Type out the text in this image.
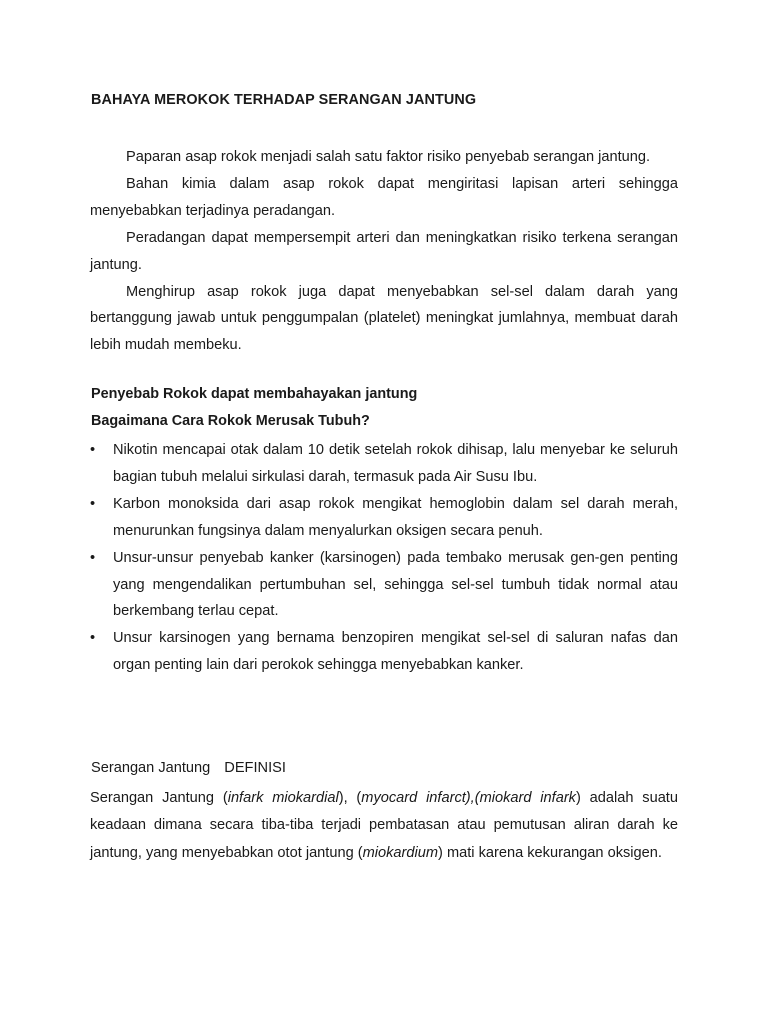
BAHAYA MEROKOK TERHADAP SERANGAN JANTUNG

Paparan asap rokok menjadi salah satu faktor risiko penyebab serangan jantung.

Bahan kimia dalam asap rokok dapat mengiritasi lapisan arteri sehingga menyebabkan terjadinya peradangan.

Peradangan dapat mempersempit arteri dan meningkatkan risiko terkena serangan jantung.

Menghirup asap rokok juga dapat menyebabkan sel-sel dalam darah yang bertanggung jawab untuk penggumpalan (platelet) meningkat jumlahnya, membuat darah lebih mudah membeku.

Penyebab Rokok dapat membahayakan jantung
Bagaimana Cara Rokok Merusak Tubuh?
• Nikotin mencapai otak dalam 10 detik setelah rokok dihisap, lalu menyebar ke seluruh bagian tubuh melalui sirkulasi darah, termasuk pada Air Susu Ibu.
• Karbon monoksida dari asap rokok mengikat hemoglobin dalam sel darah merah, menurunkan fungsinya dalam menyalurkan oksigen secara penuh.
• Unsur-unsur penyebab kanker (karsinogen) pada tembako merusak gen-gen penting yang mengendalikan pertumbuhan sel, sehingga sel-sel tumbuh tidak normal atau berkembang terlau cepat.
• Unsur karsinogen yang bernama benzopiren mengikat sel-sel di saluran nafas dan organ penting lain dari perokok sehingga menyebabkan kanker.
Serangan Jantung DEFINISI

Serangan Jantung (infark miokardial), (myocard infarct),(miokard infark) adalah suatu keadaan dimana secara tiba-tiba terjadi pembatasan atau pemutusan aliran darah ke jantung, yang menyebabkan otot jantung (miokardium) mati karena kekurangan oksigen.
